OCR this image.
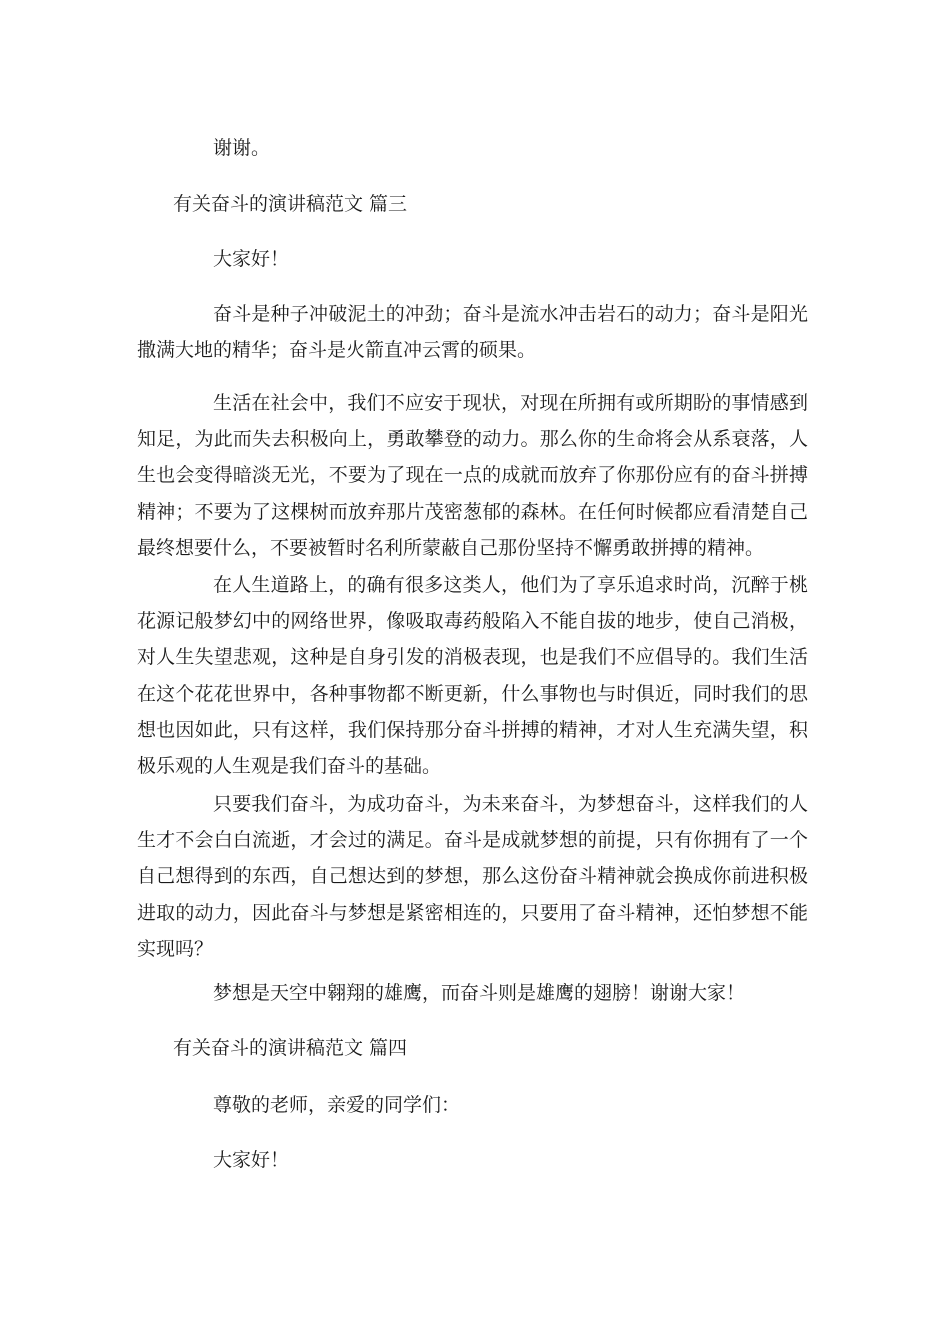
谢谢。

有关奋斗的演讲稿范文 篇三

大家好！

奋斗是种子冲破泥土的冲劲；奋斗是流水冲击岩石的动力；奋斗是阳光撒满大地的精华；奋斗是火箭直冲云霄的硕果。

生活在社会中，我们不应安于现状，对现在所拥有或所期盼的事情感到知足，为此而失去积极向上，勇敢攀登的动力。那么你的生命将会从系衰落，人生也会变得暗淡无光，不要为了现在一点的成就而放弃了你那份应有的奋斗拼搏精神；不要为了这棵树而放弃那片茂密葱郁的森林。在任何时候都应看清楚自己最终想要什么，不要被暂时名利所蒙蔽自己那份坚持不懈勇敢拼搏的精神。

在人生道路上，的确有很多这类人，他们为了享乐追求时尚，沉醉于桃花源记般梦幻中的网络世界，像吸取毒药般陷入不能自拔的地步，使自己消极，对人生失望悲观，这种是自身引发的消极表现，也是我们不应倡导的。我们生活在这个花花世界中，各种事物都不断更新，什么事物也与时俱近，同时我们的思想也因如此，只有这样，我们保持那分奋斗拼搏的精神，才对人生充满失望，积极乐观的人生观是我们奋斗的基础。

只要我们奋斗，为成功奋斗，为未来奋斗，为梦想奋斗，这样我们的人生才不会白白流逝，才会过的满足。奋斗是成就梦想的前提，只有你拥有了一个自己想得到的东西，自己想达到的梦想，那么这份奋斗精神就会换成你前进积极进取的动力，因此奋斗与梦想是紧密相连的，只要用了奋斗精神，还怕梦想不能实现吗？

梦想是天空中翱翔的雄鹰，而奋斗则是雄鹰的翅膀！谢谢大家！

有关奋斗的演讲稿范文 篇四

尊敬的老师，亲爱的同学们：

大家好！
